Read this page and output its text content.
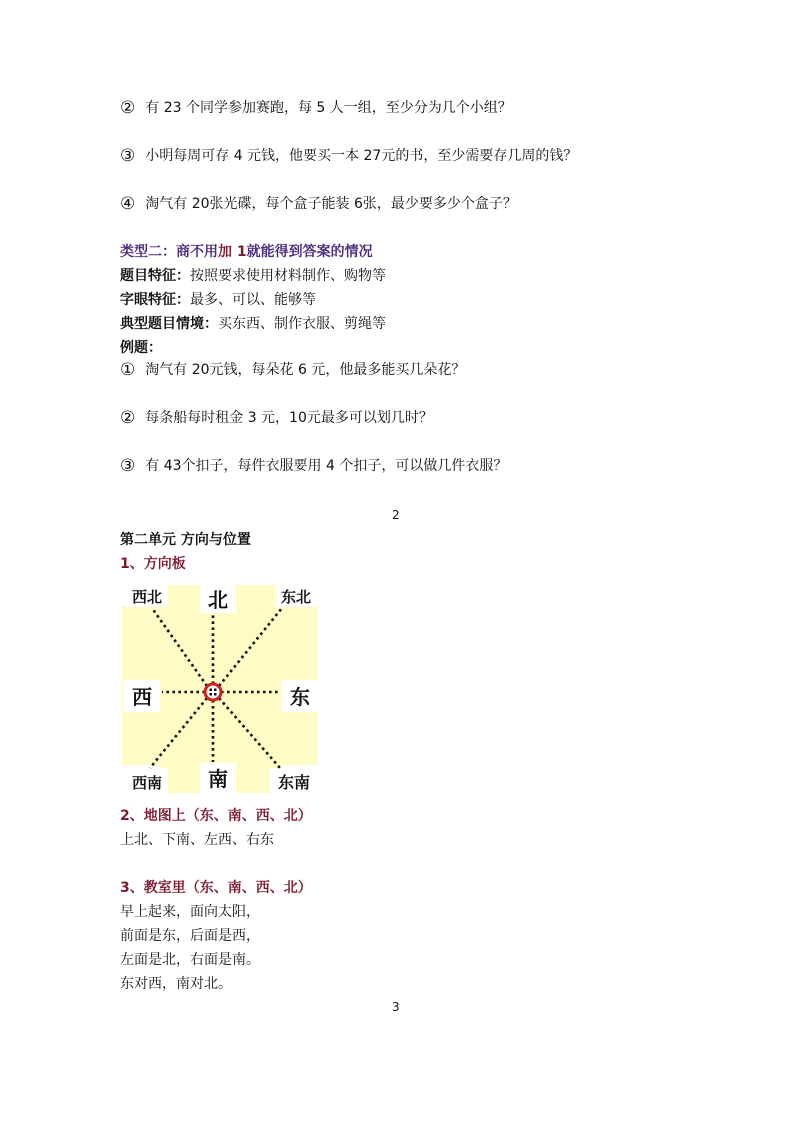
② 有 23 个同学参加赛跑，每 5 人一组，至少分为几个小组？
③ 小明每周可存 4 元钱，他要买一本 27元的书，至少需要存几周的钱？
④ 淘气有 20张光碟，每个盒子能装 6张，最少要多少个盒子？
类型二：商不用加 1就能得到答案的情况
题目特征：按照要求使用材料制作、购物等
字眼特征：最多、可以、能够等
典型题目情境：买东西、制作衣服、剪绳等
例题：
① 淘气有 20元钱，每朵花 6 元，他最多能买几朵花？
② 每条船每时租金 3 元，10元最多可以划几时？
③ 有 43个扣子，每件衣服要用 4 个扣子，可以做几件衣服？
2
第二单元 方向与位置
1、方向板
西北 北	东北
西	东
西南 南	东南
2、地图上（东、南、西、北）
上北、下南、左西、右东
3、教室里（东、南、西、北）
早上起来，面向太阳，
前面是东，后面是西，
左面是北，右面是南。
东对西，南对北。
3
